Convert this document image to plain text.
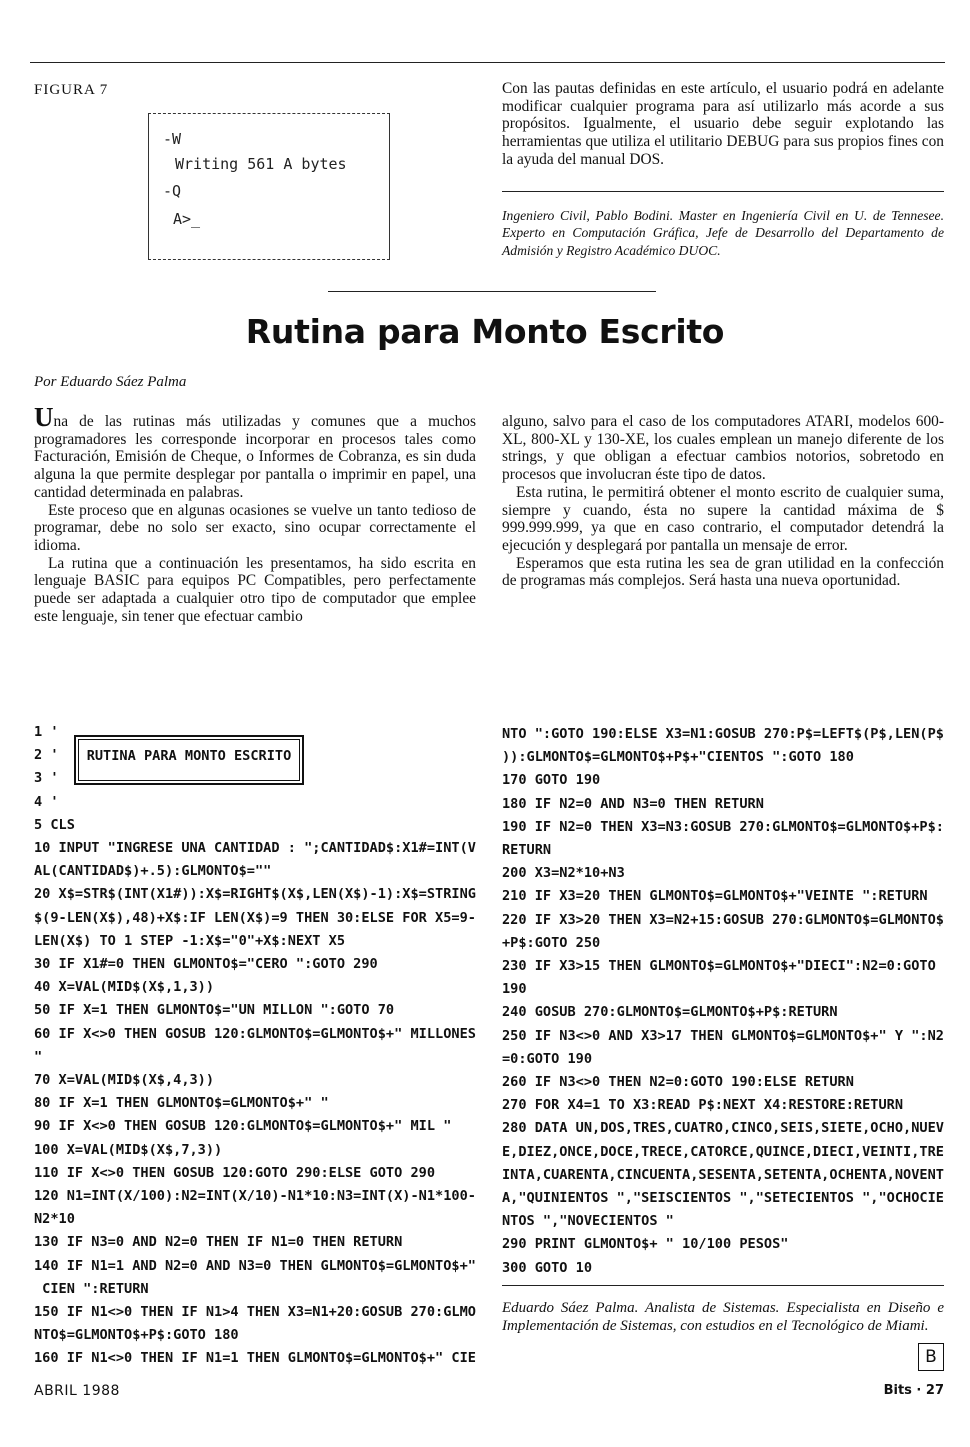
FIGURA 7
-W
Writing 561 A bytes
-Q
A>_

Con las pautas definidas en este artículo, el usuario podrá en adelante modificar cualquier programa para así utilizarlo más acorde a sus propósitos. Igualmente, el usuario debe seguir explotando las herramientas que utiliza el utilitario DEBUG para sus propios fines con la ayuda del manual DOS.

Ingeniero Civil, Pablo Bodini. Master en Ingeniería Civil en U. de Tennesee. Experto en Computación Gráfica, Jefe de Desarrollo del Departamento de Admisión y Registro Académico DUOC.

Rutina para Monto Escrito
Por Eduardo Sáez Palma

Una de las rutinas más utilizadas y comunes que a muchos programadores les corresponde incorporar en procesos tales como Facturación, Emisión de Cheque, o Informes de Cobranza, es sin duda alguna la que permite desplegar por pantalla o imprimir en papel, una cantidad determinada en palabras.

Este proceso que en algunas ocasiones se vuelve un tanto tedioso de programar, debe no solo ser exacto, sino ocupar correctamente el idioma.

La rutina que a continuación les presentamos, ha sido escrita en lenguaje BASIC para equipos PC Compatibles, pero perfectamente puede ser adaptada a cualquier otro tipo de computador que emplee este lenguaje, sin tener que efectuar cambio

alguno, salvo para el caso de los computadores ATARI, modelos 600-XL, 800-XL y 130-XE, los cuales emplean un manejo diferente de los strings, y que obligan a efectuar cambios notorios, sobretodo en procesos que involucran éste tipo de datos.

Esta rutina, le permitirá obtener el monto escrito de cualquier suma, siempre y cuando, ésta no supere la cantidad máxima de $ 999.999.999, ya que en caso contrario, el computador detendrá la ejecución y desplegará por pantalla un mensaje de error.

Esperamos que esta rutina les sea de gran utilidad en la confección de programas más complejos. Será hasta una nueva oportunidad.

RUTINA PARA MONTO ESCRITO
1 '
2 '
3 '
4 '
5 CLS
10 INPUT "INGRESE UNA CANTIDAD : ";CANTIDAD$:X1#=INT(V
AL(CANTIDAD$)+.5):GLMONTO$=""
20 X$=STR$(INT(X1#)):X$=RIGHT$(X$,LEN(X$)-1):X$=STRING
$(9-LEN(X$),48)+X$:IF LEN(X$)=9 THEN 30:ELSE FOR X5=9-
LEN(X$) TO 1 STEP -1:X$="0"+X$:NEXT X5
30 IF X1#=0 THEN GLMONTO$="CERO ":GOTO 290
40 X=VAL(MID$(X$,1,3))
50 IF X=1 THEN GLMONTO$="UN MILLON ":GOTO 70
60 IF X<>0 THEN GOSUB 120:GLMONTO$=GLMONTO$+" MILLONES
"
70 X=VAL(MID$(X$,4,3))
80 IF X=1 THEN GLMONTO$=GLMONTO$+" "
90 IF X<>0 THEN GOSUB 120:GLMONTO$=GLMONTO$+" MIL "
100 X=VAL(MID$(X$,7,3))
110 IF X<>0 THEN GOSUB 120:GOTO 290:ELSE GOTO 290
120 N1=INT(X/100):N2=INT(X/10)-N1*10:N3=INT(X)-N1*100-
N2*10
130 IF N3=0 AND N2=0 THEN IF N1=0 THEN RETURN
140 IF N1=1 AND N2=0 AND N3=0 THEN GLMONTO$=GLMONTO$+"
CIEN ":RETURN
150 IF N1<>0 THEN IF N1>4 THEN X3=N1+20:GOSUB 270:GLMO
NTO$=GLMONTO$+P$:GOTO 180
160 IF N1<>0 THEN IF N1=1 THEN GLMONTO$=GLMONTO$+" CIE
NTO ":GOTO 190:ELSE X3=N1:GOSUB 270:P$=LEFT$(P$,LEN(P$
)):GLMONTO$=GLMONTO$+P$+"CIENTOS ":GOTO 180
170 GOTO 190
180 IF N2=0 AND N3=0 THEN RETURN
190 IF N2=0 THEN X3=N3:GOSUB 270:GLMONTO$=GLMONTO$+P$:
RETURN
200 X3=N2*10+N3
210 IF X3=20 THEN GLMONTO$=GLMONTO$+"VEINTE ":RETURN
220 IF X3>20 THEN X3=N2+15:GOSUB 270:GLMONTO$=GLMONTO$
+P$:GOTO 250
230 IF X3>15 THEN GLMONTO$=GLMONTO$+"DIECI":N2=0:GOTO
190
240 GOSUB 270:GLMONTO$=GLMONTO$+P$:RETURN
250 IF N3<>0 AND X3>17 THEN GLMONTO$=GLMONTO$+" Y ":N2
=0:GOTO 190
260 IF N3<>0 THEN N2=0:GOTO 190:ELSE RETURN
270 FOR X4=1 TO X3:READ P$:NEXT X4:RESTORE:RETURN
280 DATA UN,DOS,TRES,CUATRO,CINCO,SEIS,SIETE,OCHO,NUEV
E,DIEZ,ONCE,DOCE,TRECE,CATORCE,QUINCE,DIECI,VEINTI,TRE
INTA,CUARENTA,CINCUENTA,SESENTA,SETENTA,OCHENTA,NOVENT
A,"QUINIENTOS ","SEISCIENTOS ","SETECIENTOS ","OCHOCIE
NTOS ","NOVECIENTOS "
290 PRINT GLMONTO$+ " 10/100 PESOS"
300 GOTO 10

Eduardo Sáez Palma. Analista de Sistemas. Especialista en Diseño e Implementación de Sistemas, con estudios en el Tecnológico de Miami.

B
ABRIL 1988	Bits · 27
